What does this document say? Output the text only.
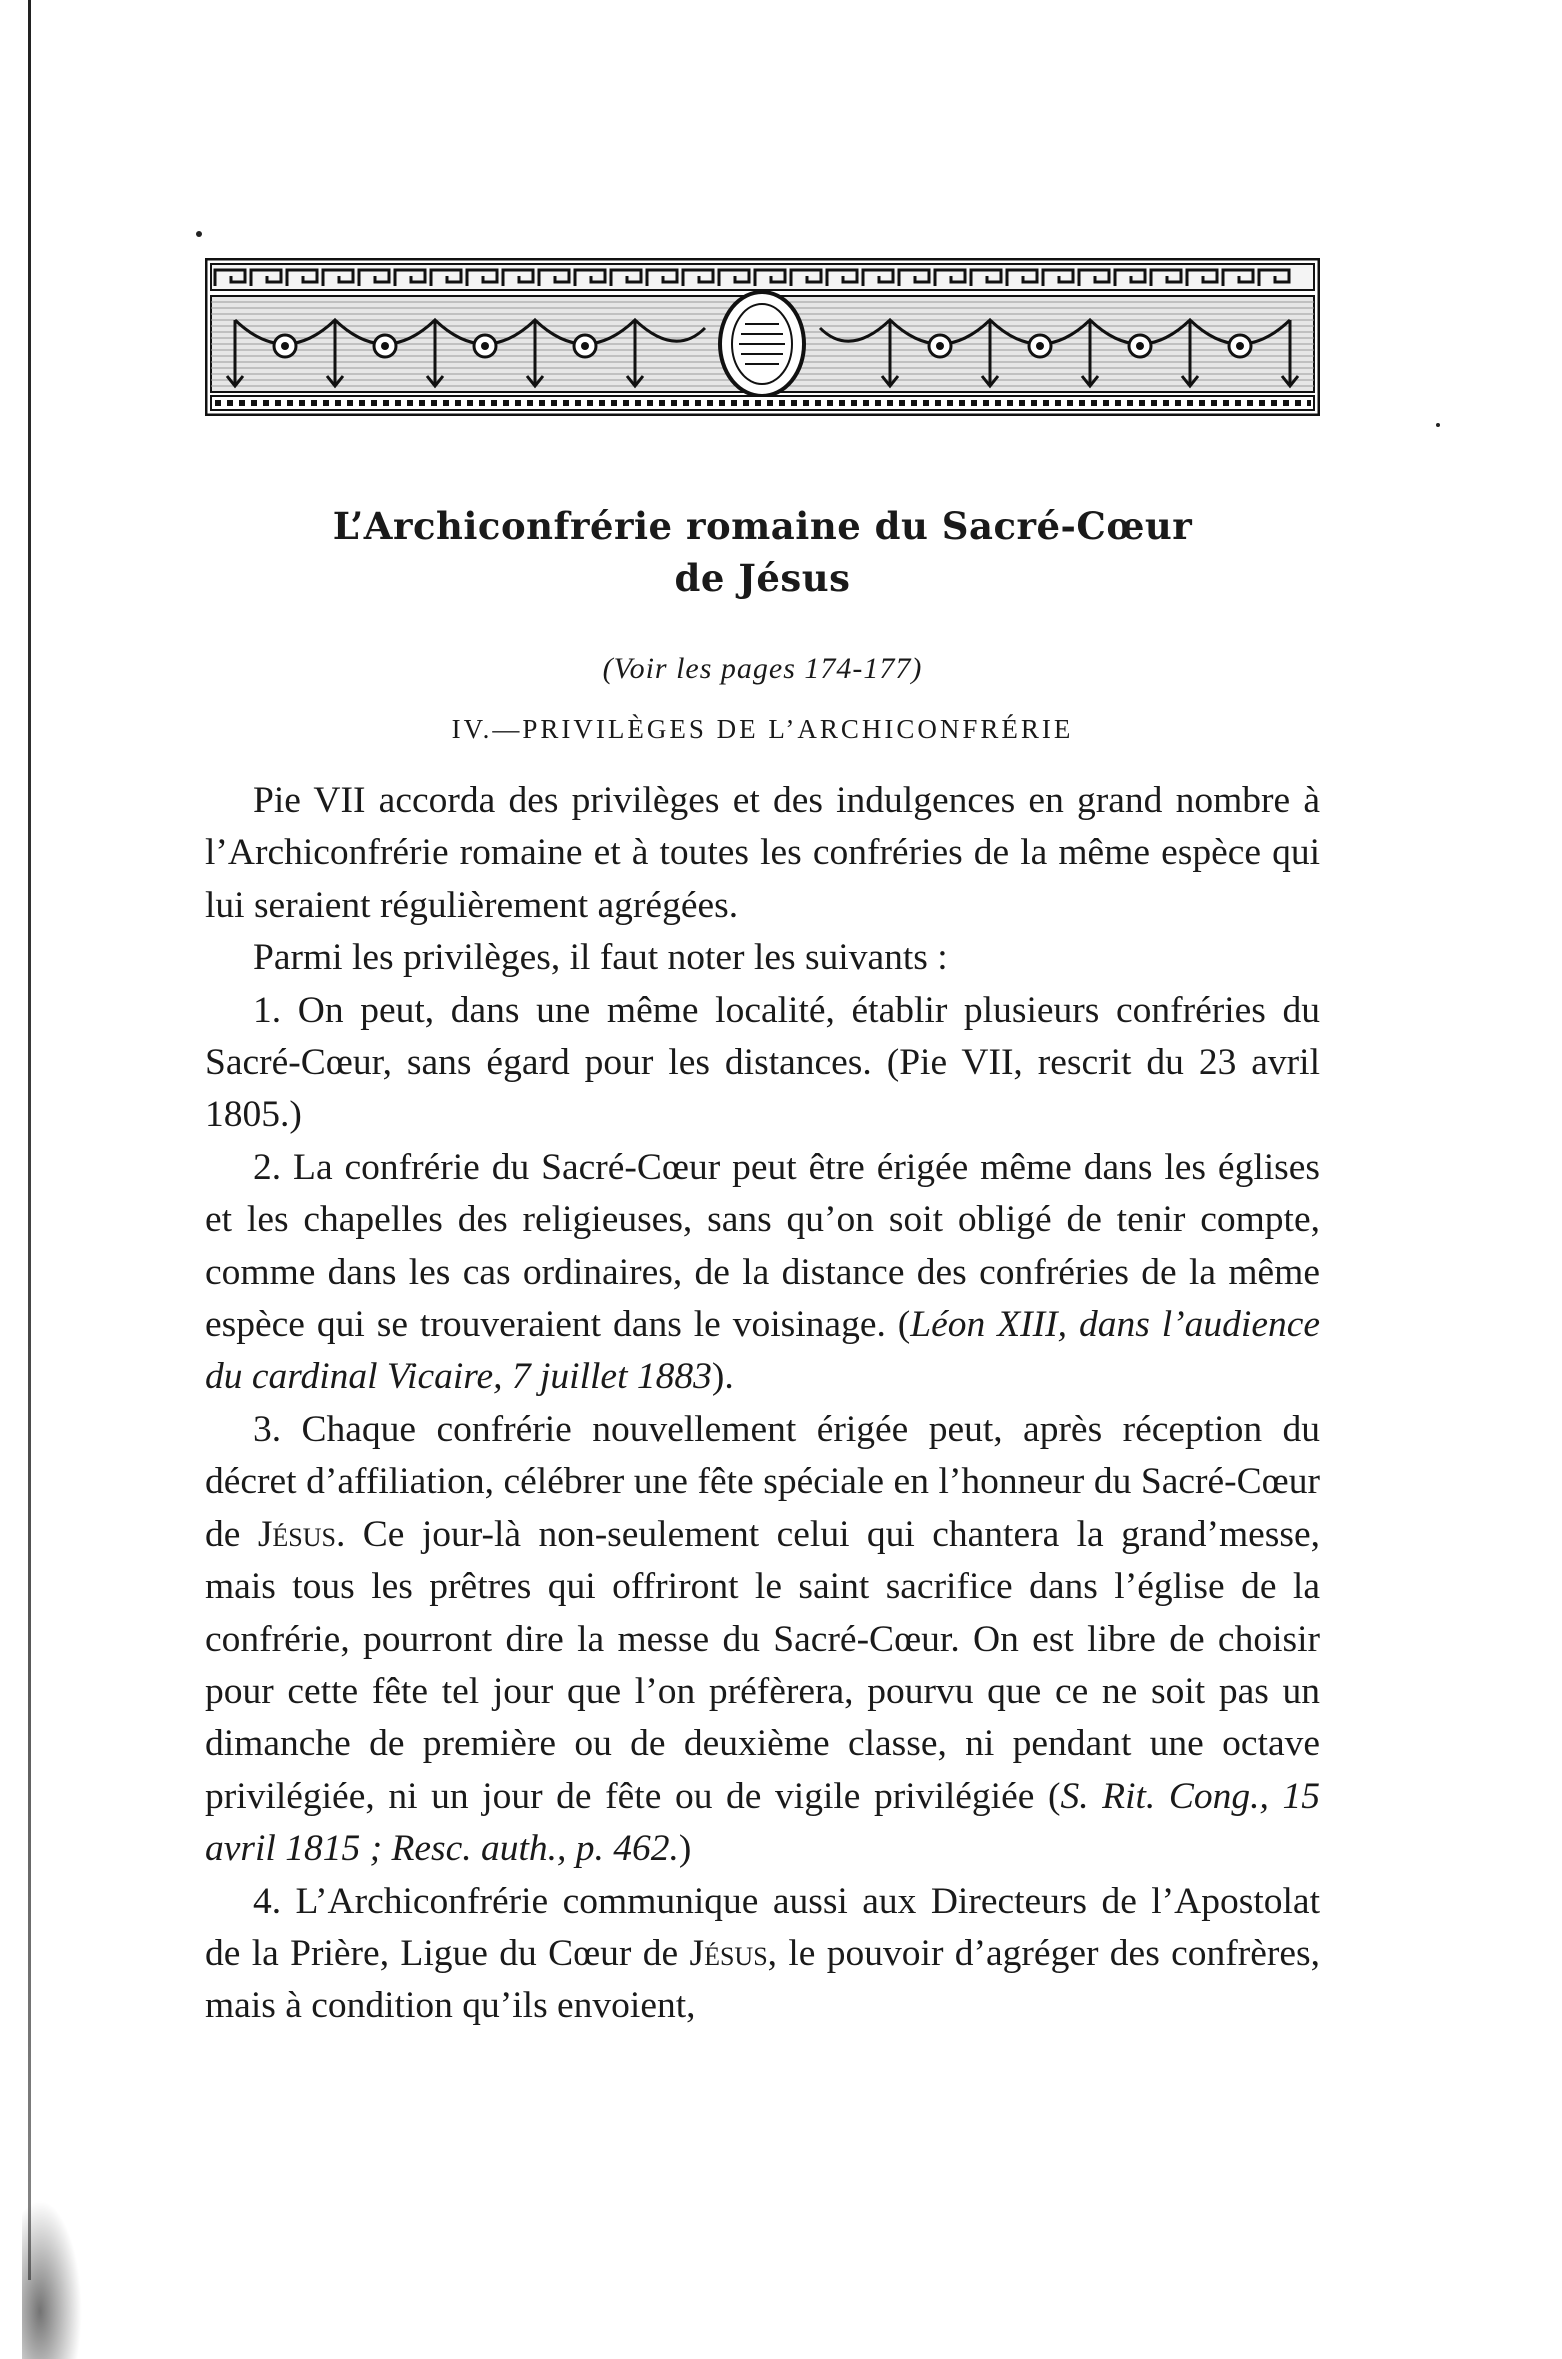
L’Archiconfrérie romaine du Sacré-Cœur
de Jésus
(Voir les pages 174-177)
IV.—PRIVILÈGES DE L’ARCHICONFRÉRIE

Pie VII accorda des privilèges et des indulgences en grand nombre à l’Archiconfrérie romaine et à toutes les confréries de la même espèce qui lui seraient régulièrement agrégées.

Parmi les privilèges, il faut noter les suivants :

1. On peut, dans une même localité, établir plusieurs confréries du Sacré-Cœur, sans égard pour les distances. (Pie VII, rescrit du 23 avril 1805.)

2. La confrérie du Sacré-Cœur peut être érigée même dans les églises et les chapelles des religieuses, sans qu’on soit obligé de tenir compte, comme dans les cas ordinaires, de la distance des confréries de la même espèce qui se trouveraient dans le voisinage. (Léon XIII, dans l’audience du cardinal Vicaire, 7 juillet 1883).

3. Chaque confrérie nouvellement érigée peut, après réception du décret d’affiliation, célébrer une fête spéciale en l’honneur du Sacré-Cœur de Jésus. Ce jour-là non-seulement celui qui chantera la grand’messe, mais tous les prêtres qui offriront le saint sacrifice dans l’église de la confrérie, pourront dire la messe du Sacré-Cœur. On est libre de choisir pour cette fête tel jour que l’on préfèrera, pourvu que ce ne soit pas un dimanche de première ou de deuxième classe, ni pendant une octave privilégiée, ni un jour de fête ou de vigile privilégiée (S. Rit. Cong., 15 avril 1815 ; Resc. auth., p. 462.)

4. L’Archiconfrérie communique aussi aux Directeurs de l’Apostolat de la Prière, Ligue du Cœur de Jésus, le pouvoir d’agréger des confrères, mais à condition qu’ils envoient,
